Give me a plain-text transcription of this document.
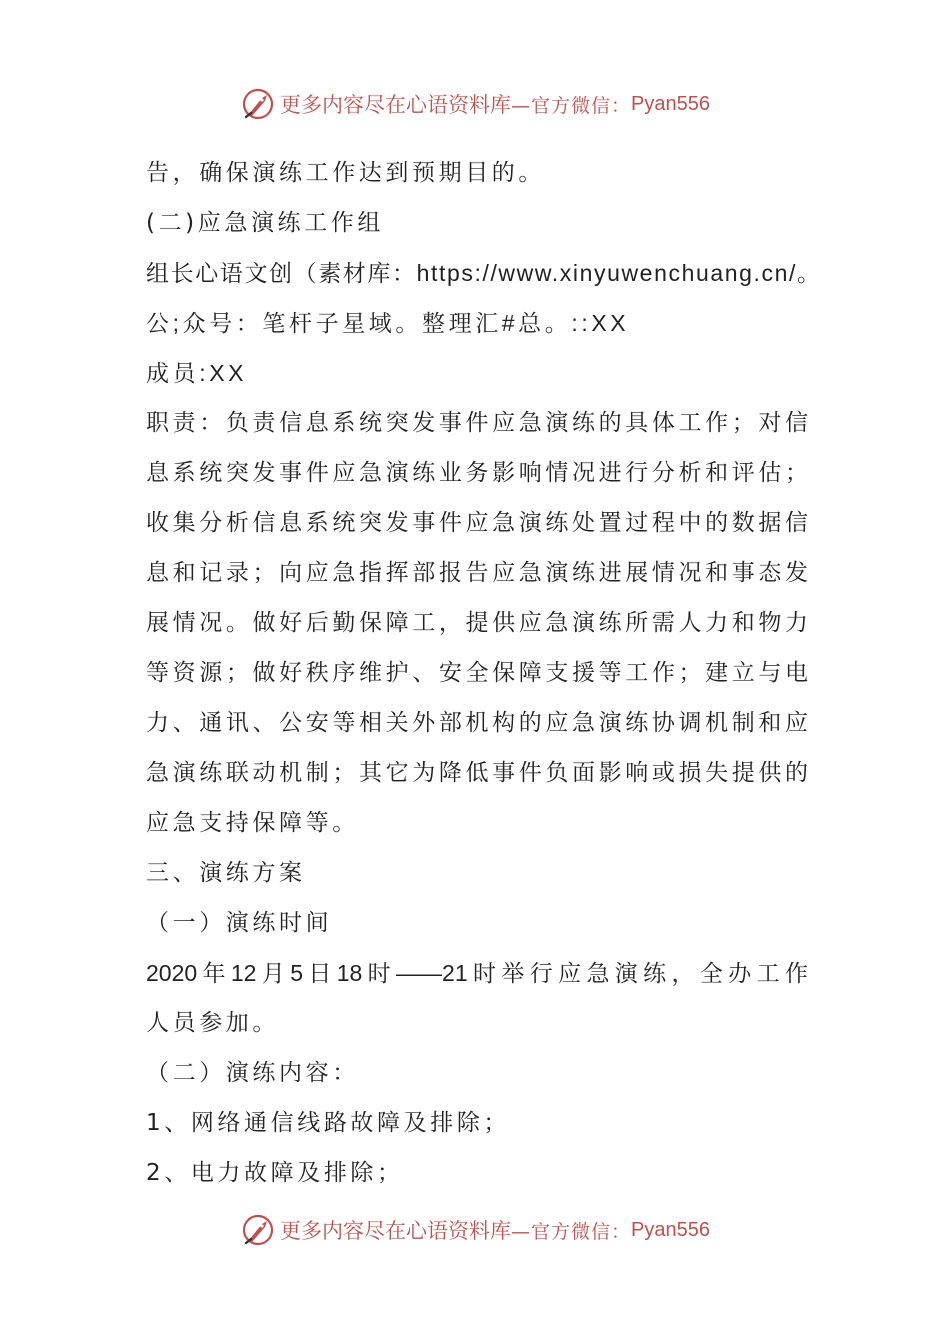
更多内容尽在心语资料库 —官方微信： Pyan556
告，确保演练工作达到预期目的。
(二)应急演练工作组
组长心语文创（素材库：https://www.xinyuwenchuang.cn/。
公;众号：笔杆子星域。整理汇#总。::XX
成员:XX
职责：负责信息系统突发事件应急演练的具体工作；对信
息系统突发事件应急演练业务影响情况进行分析和评估；
收集分析信息系统突发事件应急演练处置过程中的数据信
息和记录；向应急指挥部报告应急演练进展情况和事态发
展情况。做好后勤保障工，提供应急演练所需人力和物力
等资源；做好秩序维护、安全保障支援等工作；建立与电
力、通讯、公安等相关外部机构的应急演练协调机制和应
急演练联动机制；其它为降低事件负面影响或损失提供的
应急支持保障等。
三、演练方案
（一）演练时间
2020年12月5日18时——21时举行应急演练，全办工作
人员参加。
（二）演练内容：
1、网络通信线路故障及排除；
2、电力故障及排除；
更多内容尽在心语资料库 —官方微信： Pyan556
